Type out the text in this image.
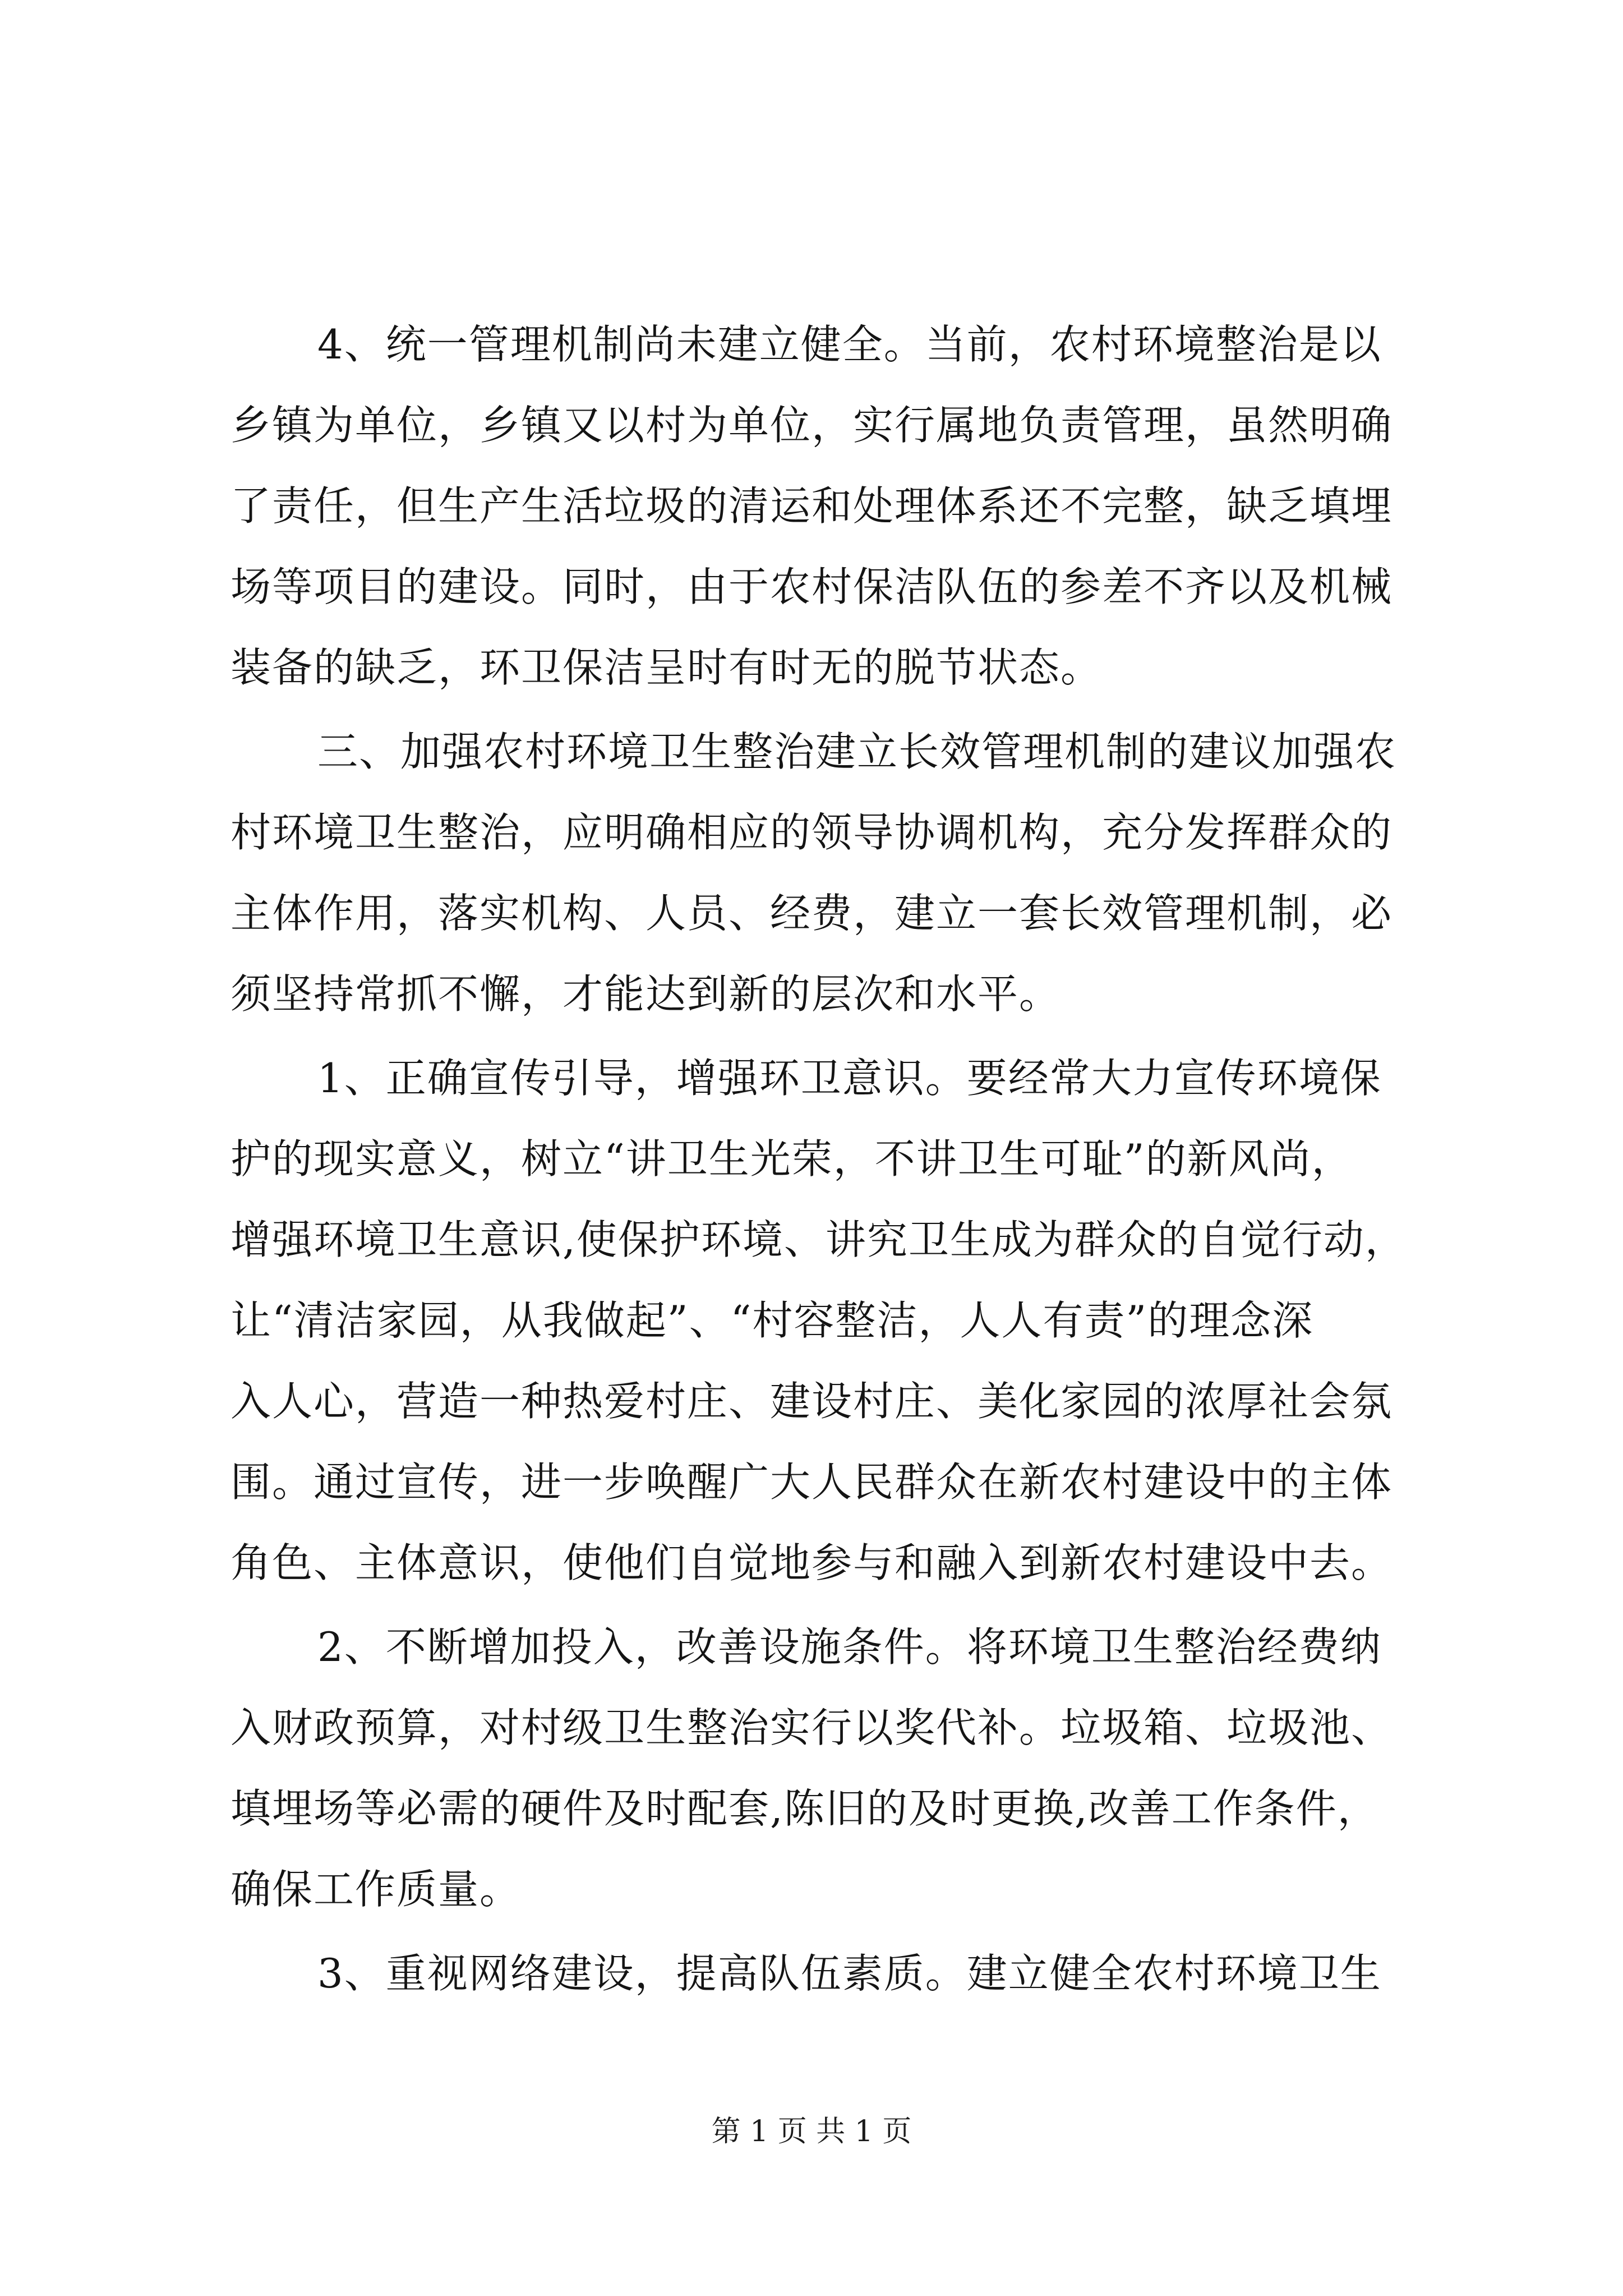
4、统一管理机制尚未建立健全。当前，农村环境整治是以
乡镇为单位，乡镇又以村为单位，实行属地负责管理，虽然明确
了责任，但生产生活垃圾的清运和处理体系还不完整，缺乏填埋
场等项目的建设。同时，由于农村保洁队伍的参差不齐以及机械
装备的缺乏，环卫保洁呈时有时无的脱节状态。
三、加强农村环境卫生整治建立长效管理机制的建议加强农
村环境卫生整治，应明确相应的领导协调机构，充分发挥群众的
主体作用，落实机构、人员、经费，建立一套长效管理机制，必
须坚持常抓不懈，才能达到新的层次和水平。
1、正确宣传引导，增强环卫意识。要经常大力宣传环境保
护的现实意义，树立“讲卫生光荣，不讲卫生可耻”的新风尚，
增强环境卫生意识,使保护环境、讲究卫生成为群众的自觉行动，
让“清洁家园，从我做起”、“村容整洁，人人有责”的理念深
入人心，营造一种热爱村庄、建设村庄、美化家园的浓厚社会氛
围。通过宣传，进一步唤醒广大人民群众在新农村建设中的主体
角色、主体意识，使他们自觉地参与和融入到新农村建设中去。
2、不断增加投入，改善设施条件。将环境卫生整治经费纳
入财政预算，对村级卫生整治实行以奖代补。垃圾箱、垃圾池、
填埋场等必需的硬件及时配套,陈旧的及时更换,改善工作条件，
确保工作质量。
3、重视网络建设，提高队伍素质。建立健全农村环境卫生
第 1 页 共 1 页
